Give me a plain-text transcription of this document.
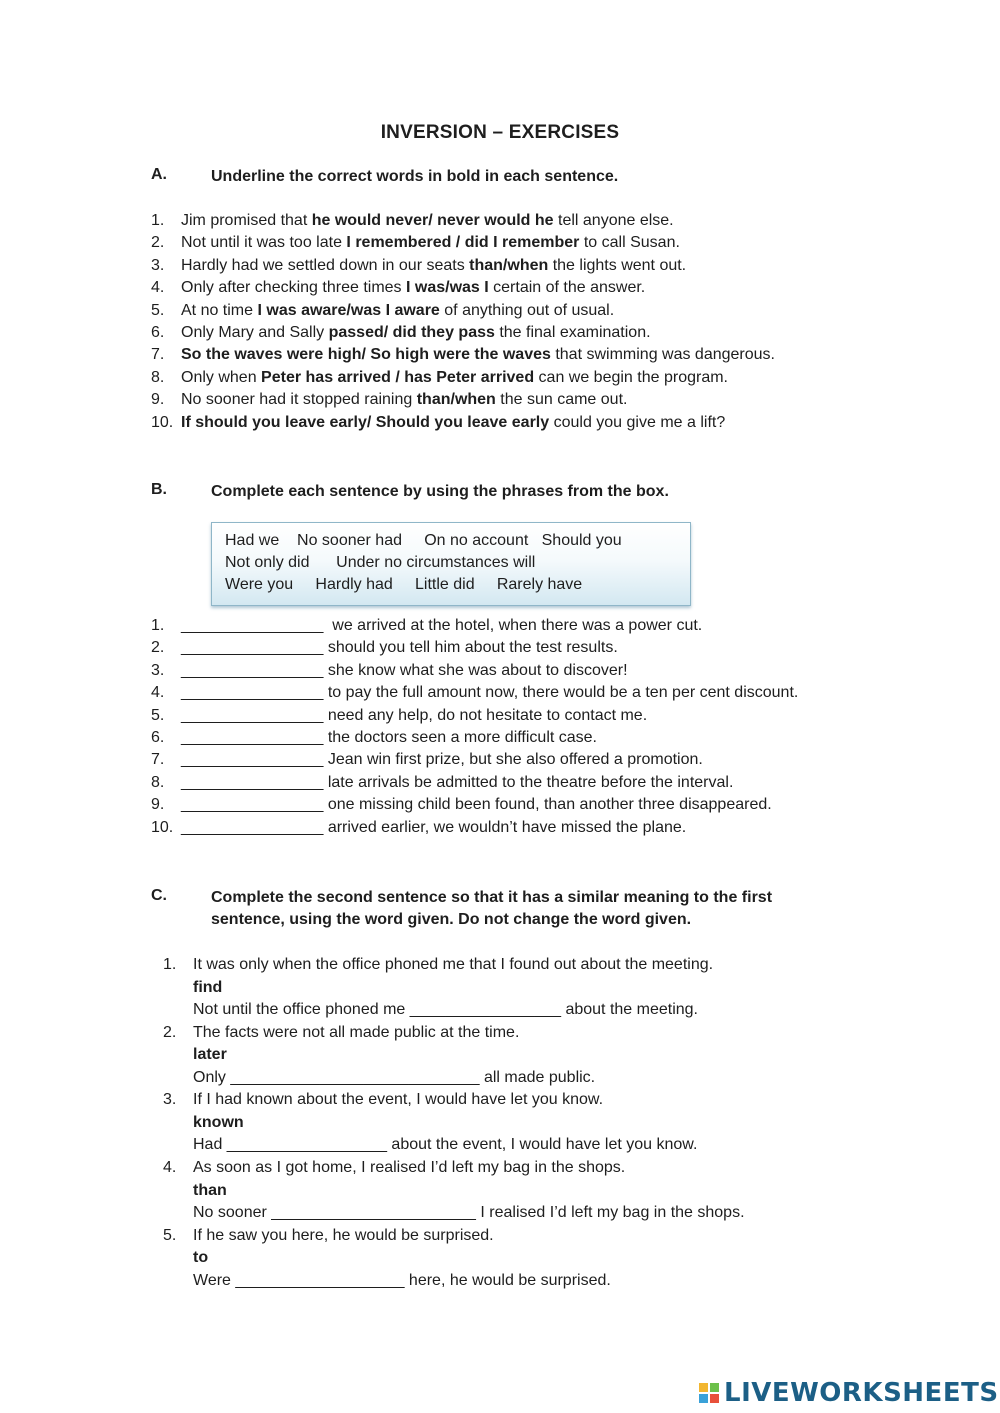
INVERSION – EXERCISES
A.	Underline the correct words in bold in each sentence.
1. Jim promised that he would never/ never would he tell anyone else.
2. Not until it was too late I remembered / did I remember to call Susan.
3. Hardly had we settled down in our seats than/when the lights went out.
4. Only after checking three times I was/was I certain of the answer.
5. At no time I was aware/was I aware of anything out of usual.
6. Only Mary and Sally passed/ did they pass the final examination.
7. So the waves were high/ So high were the waves that swimming was dangerous.
8. Only when Peter has arrived / has Peter arrived can we begin the program.
9. No sooner had it stopped raining than/when the sun came out.
10. If should you leave early/ Should you leave early could you give me a lift?
B.	Complete each sentence by using the phrases from the box.
Had we    No sooner had     On no account   Should you
Not only did      Under no circumstances will
Were you     Hardly had     Little did     Rarely have
1. ________________  we arrived at the hotel, when there was a power cut.
2. ________________ should you tell him about the test results.
3. ________________ she know what she was about to discover!
4. ________________ to pay the full amount now, there would be a ten per cent discount.
5. ________________ need any help, do not hesitate to contact me.
6. ________________ the doctors seen a more difficult case.
7. ________________ Jean win first prize, but she also offered a promotion.
8. ________________ late arrivals be admitted to the theatre before the interval.
9. ________________ one missing child been found, than another three disappeared.
10. ________________ arrived earlier, we wouldn’t have missed the plane.
C.	Complete the second sentence so that it has a similar meaning to the first sentence, using the word given. Do not change the word given.
1. It was only when the office phoned me that I found out about the meeting.
find
Not until the office phoned me _________________ about the meeting.
2. The facts were not all made public at the time.
later
Only ____________________________ all made public.
3. If I had known about the event, I would have let you know.
known
Had __________________ about the event, I would have let you know.
4. As soon as I got home, I realised I’d left my bag in the shops.
than
No sooner _______________________ I realised I’d left my bag in the shops.
5. If he saw you here, he would be surprised.
to
Were ___________________ here, he would be surprised.
LIVEWORKSHEETS
